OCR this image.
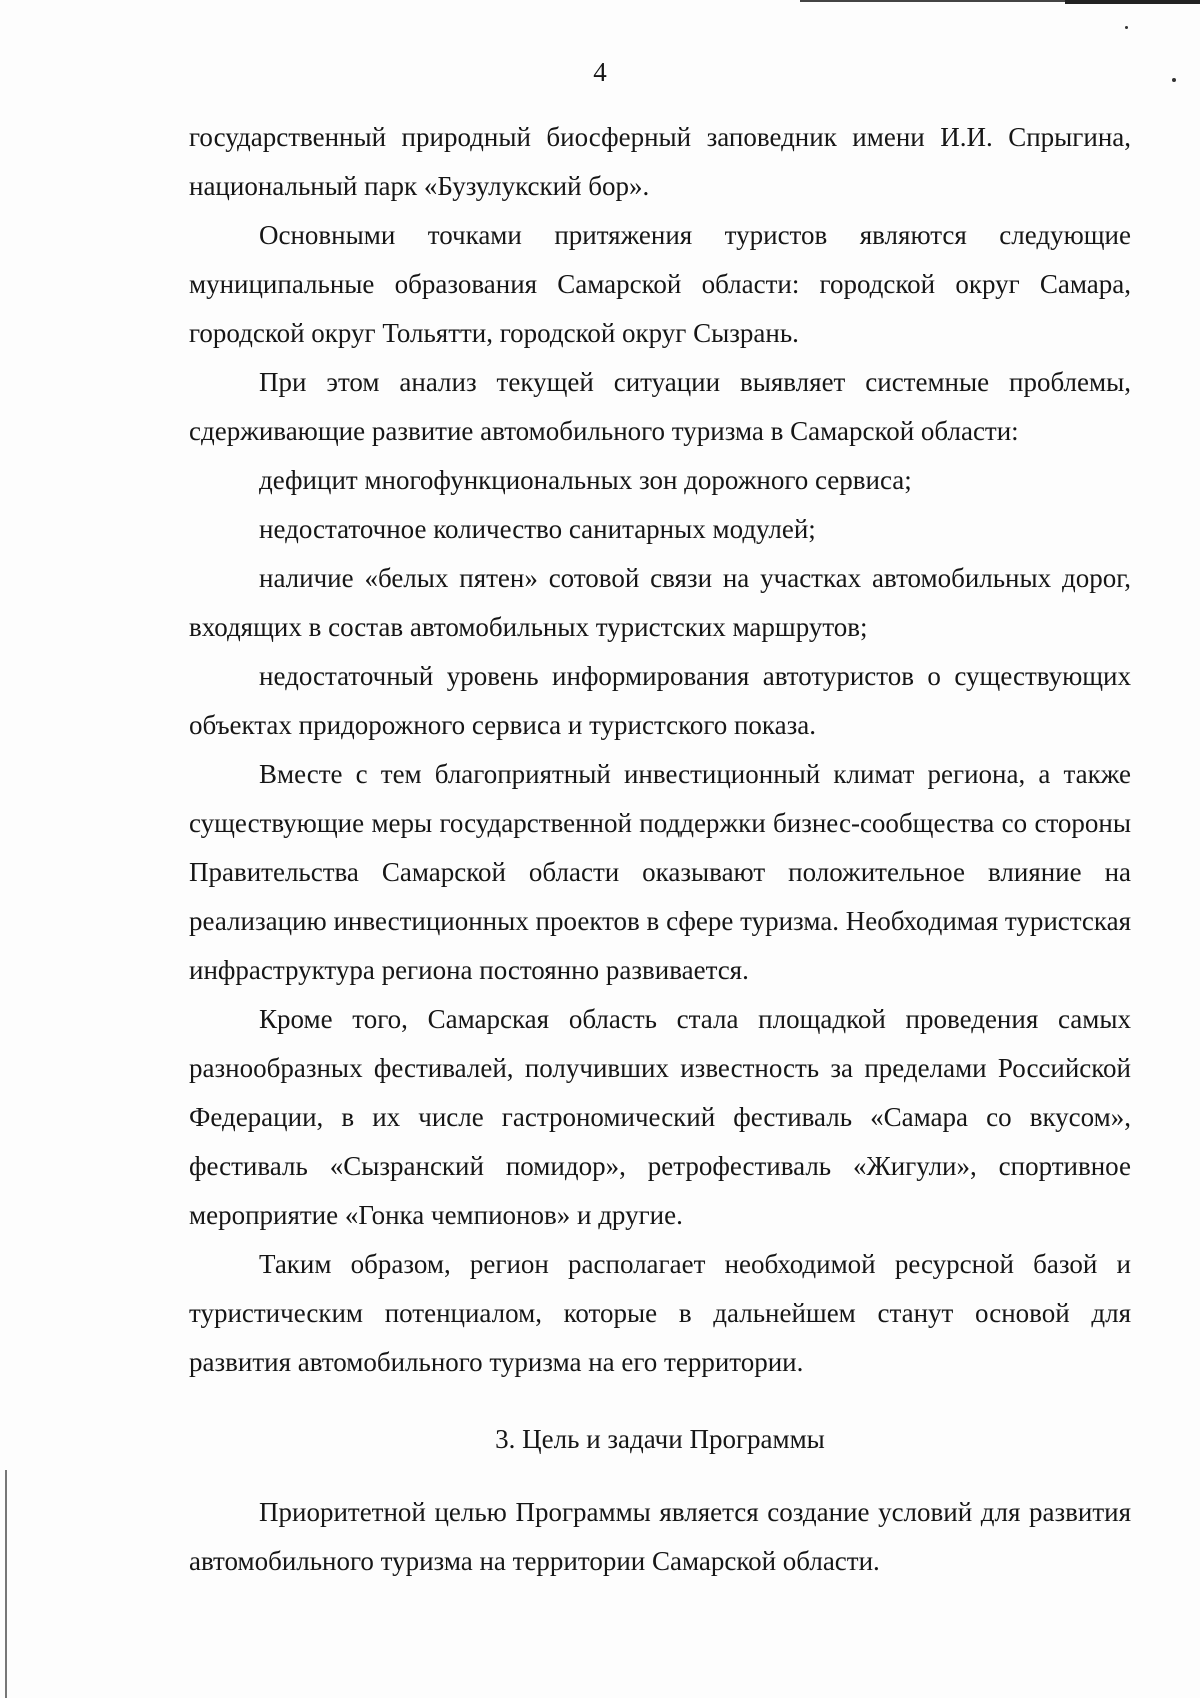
4

государственный природный биосферный заповедник имени И.И. Спрыгина, национальный парк «Бузулукский бор».

Основными точками притяжения туристов являются следующие муниципальные образования Самарской области: городской округ Самара, городской округ Тольятти, городской округ Сызрань.

При этом анализ текущей ситуации выявляет системные проблемы, сдерживающие развитие автомобильного туризма в Самарской области:

дефицит многофункциональных зон дорожного сервиса;

недостаточное количество санитарных модулей;

наличие «белых пятен» сотовой связи на участках автомобильных дорог, входящих в состав автомобильных туристских маршрутов;

недостаточный уровень информирования автотуристов о существующих объектах придорожного сервиса и туристского показа.

Вместе с тем благоприятный инвестиционный климат региона, а также существующие меры государственной поддержки бизнес-сообщества со стороны Правительства Самарской области оказывают положительное влияние на реализацию инвестиционных проектов в сфере туризма. Необходимая туристская инфраструктура региона постоянно развивается.

Кроме того, Самарская область стала площадкой проведения самых разнообразных фестивалей, получивших известность за пределами Российской Федерации, в их числе гастрономический фестиваль «Самара со вкусом», фестиваль «Сызранский помидор», ретрофестиваль «Жигули», спортивное мероприятие «Гонка чемпионов» и другие.

Таким образом, регион располагает необходимой ресурсной базой и туристическим потенциалом, которые в дальнейшем станут основой для развития автомобильного туризма на его территории.

3. Цель и задачи Программы

Приоритетной целью Программы является создание условий для развития автомобильного туризма на территории Самарской области.
